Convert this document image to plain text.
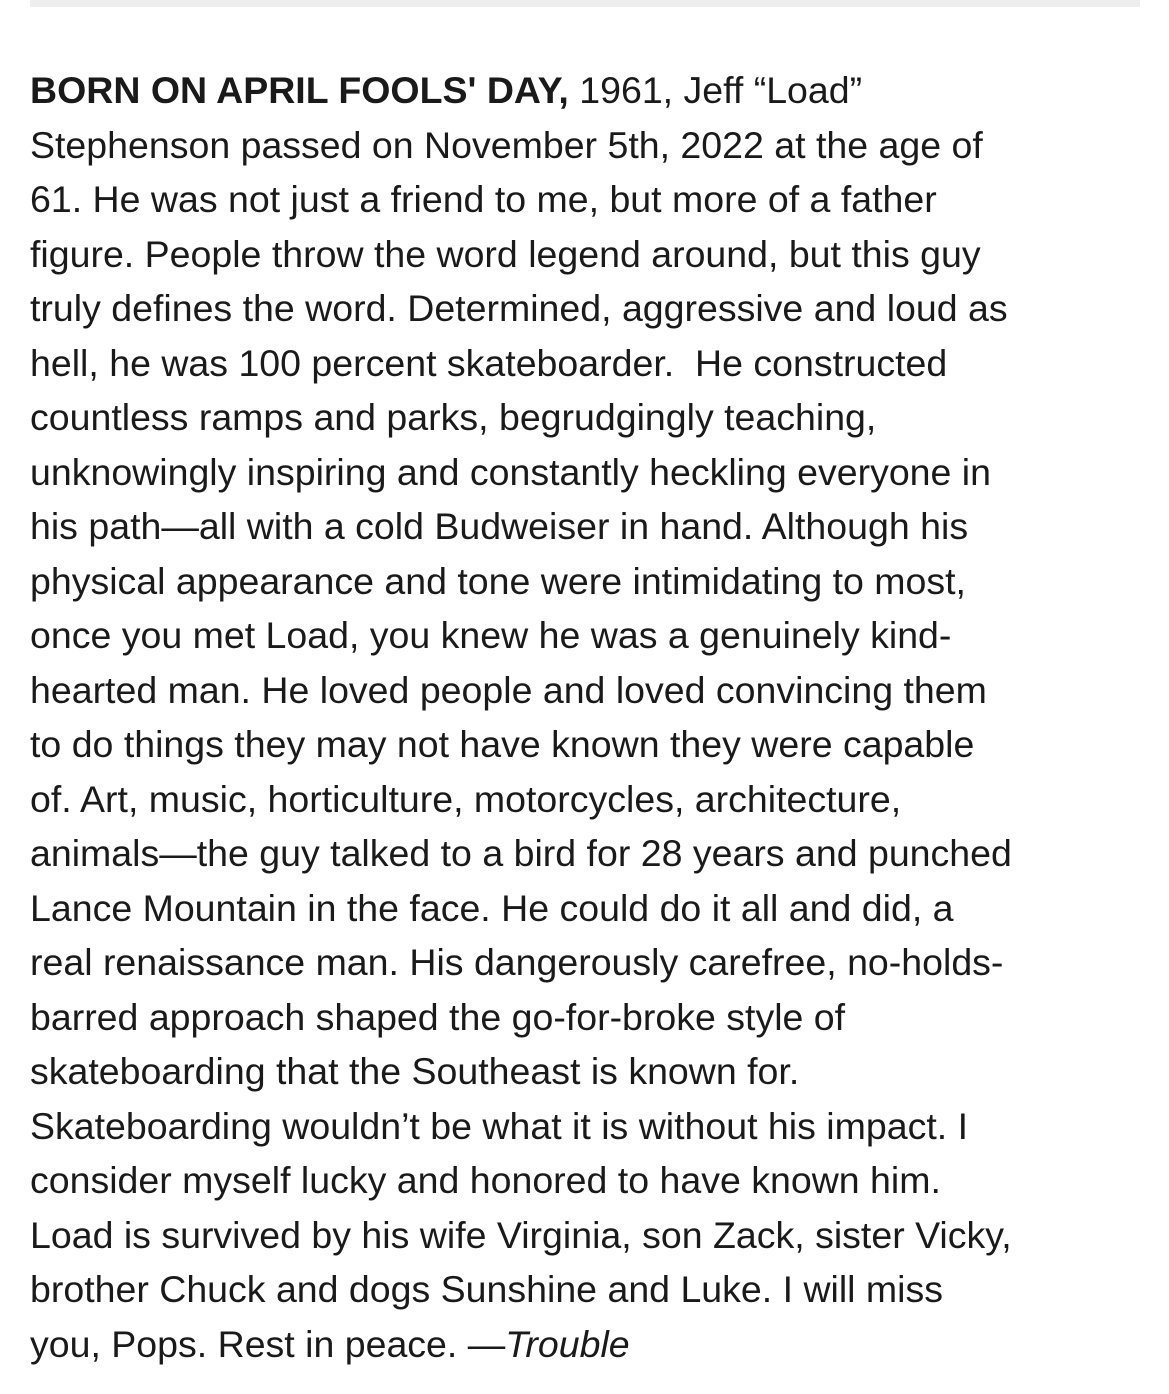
BORN ON APRIL FOOLS' DAY, 1961, Jeff “Load”
Stephenson passed on November 5th, 2022 at the age of
61. He was not just a friend to me, but more of a father
figure. People throw the word legend around, but this guy
truly defines the word. Determined, aggressive and loud as
hell, he was 100 percent skateboarder.  He constructed
countless ramps and parks, begrudgingly teaching,
unknowingly inspiring and constantly heckling everyone in
his path—all with a cold Budweiser in hand. Although his
physical appearance and tone were intimidating to most,
once you met Load, you knew he was a genuinely kind-
hearted man. He loved people and loved convincing them
to do things they may not have known they were capable
of. Art, music, horticulture, motorcycles, architecture,
animals—the guy talked to a bird for 28 years and punched
Lance Mountain in the face. He could do it all and did, a
real renaissance man. His dangerously carefree, no-holds-
barred approach shaped the go-for-broke style of
skateboarding that the Southeast is known for.
Skateboarding wouldn’t be what it is without his impact. I
consider myself lucky and honored to have known him.
Load is survived by his wife Virginia, son Zack, sister Vicky,
brother Chuck and dogs Sunshine and Luke. I will miss
you, Pops. Rest in peace. —Trouble
